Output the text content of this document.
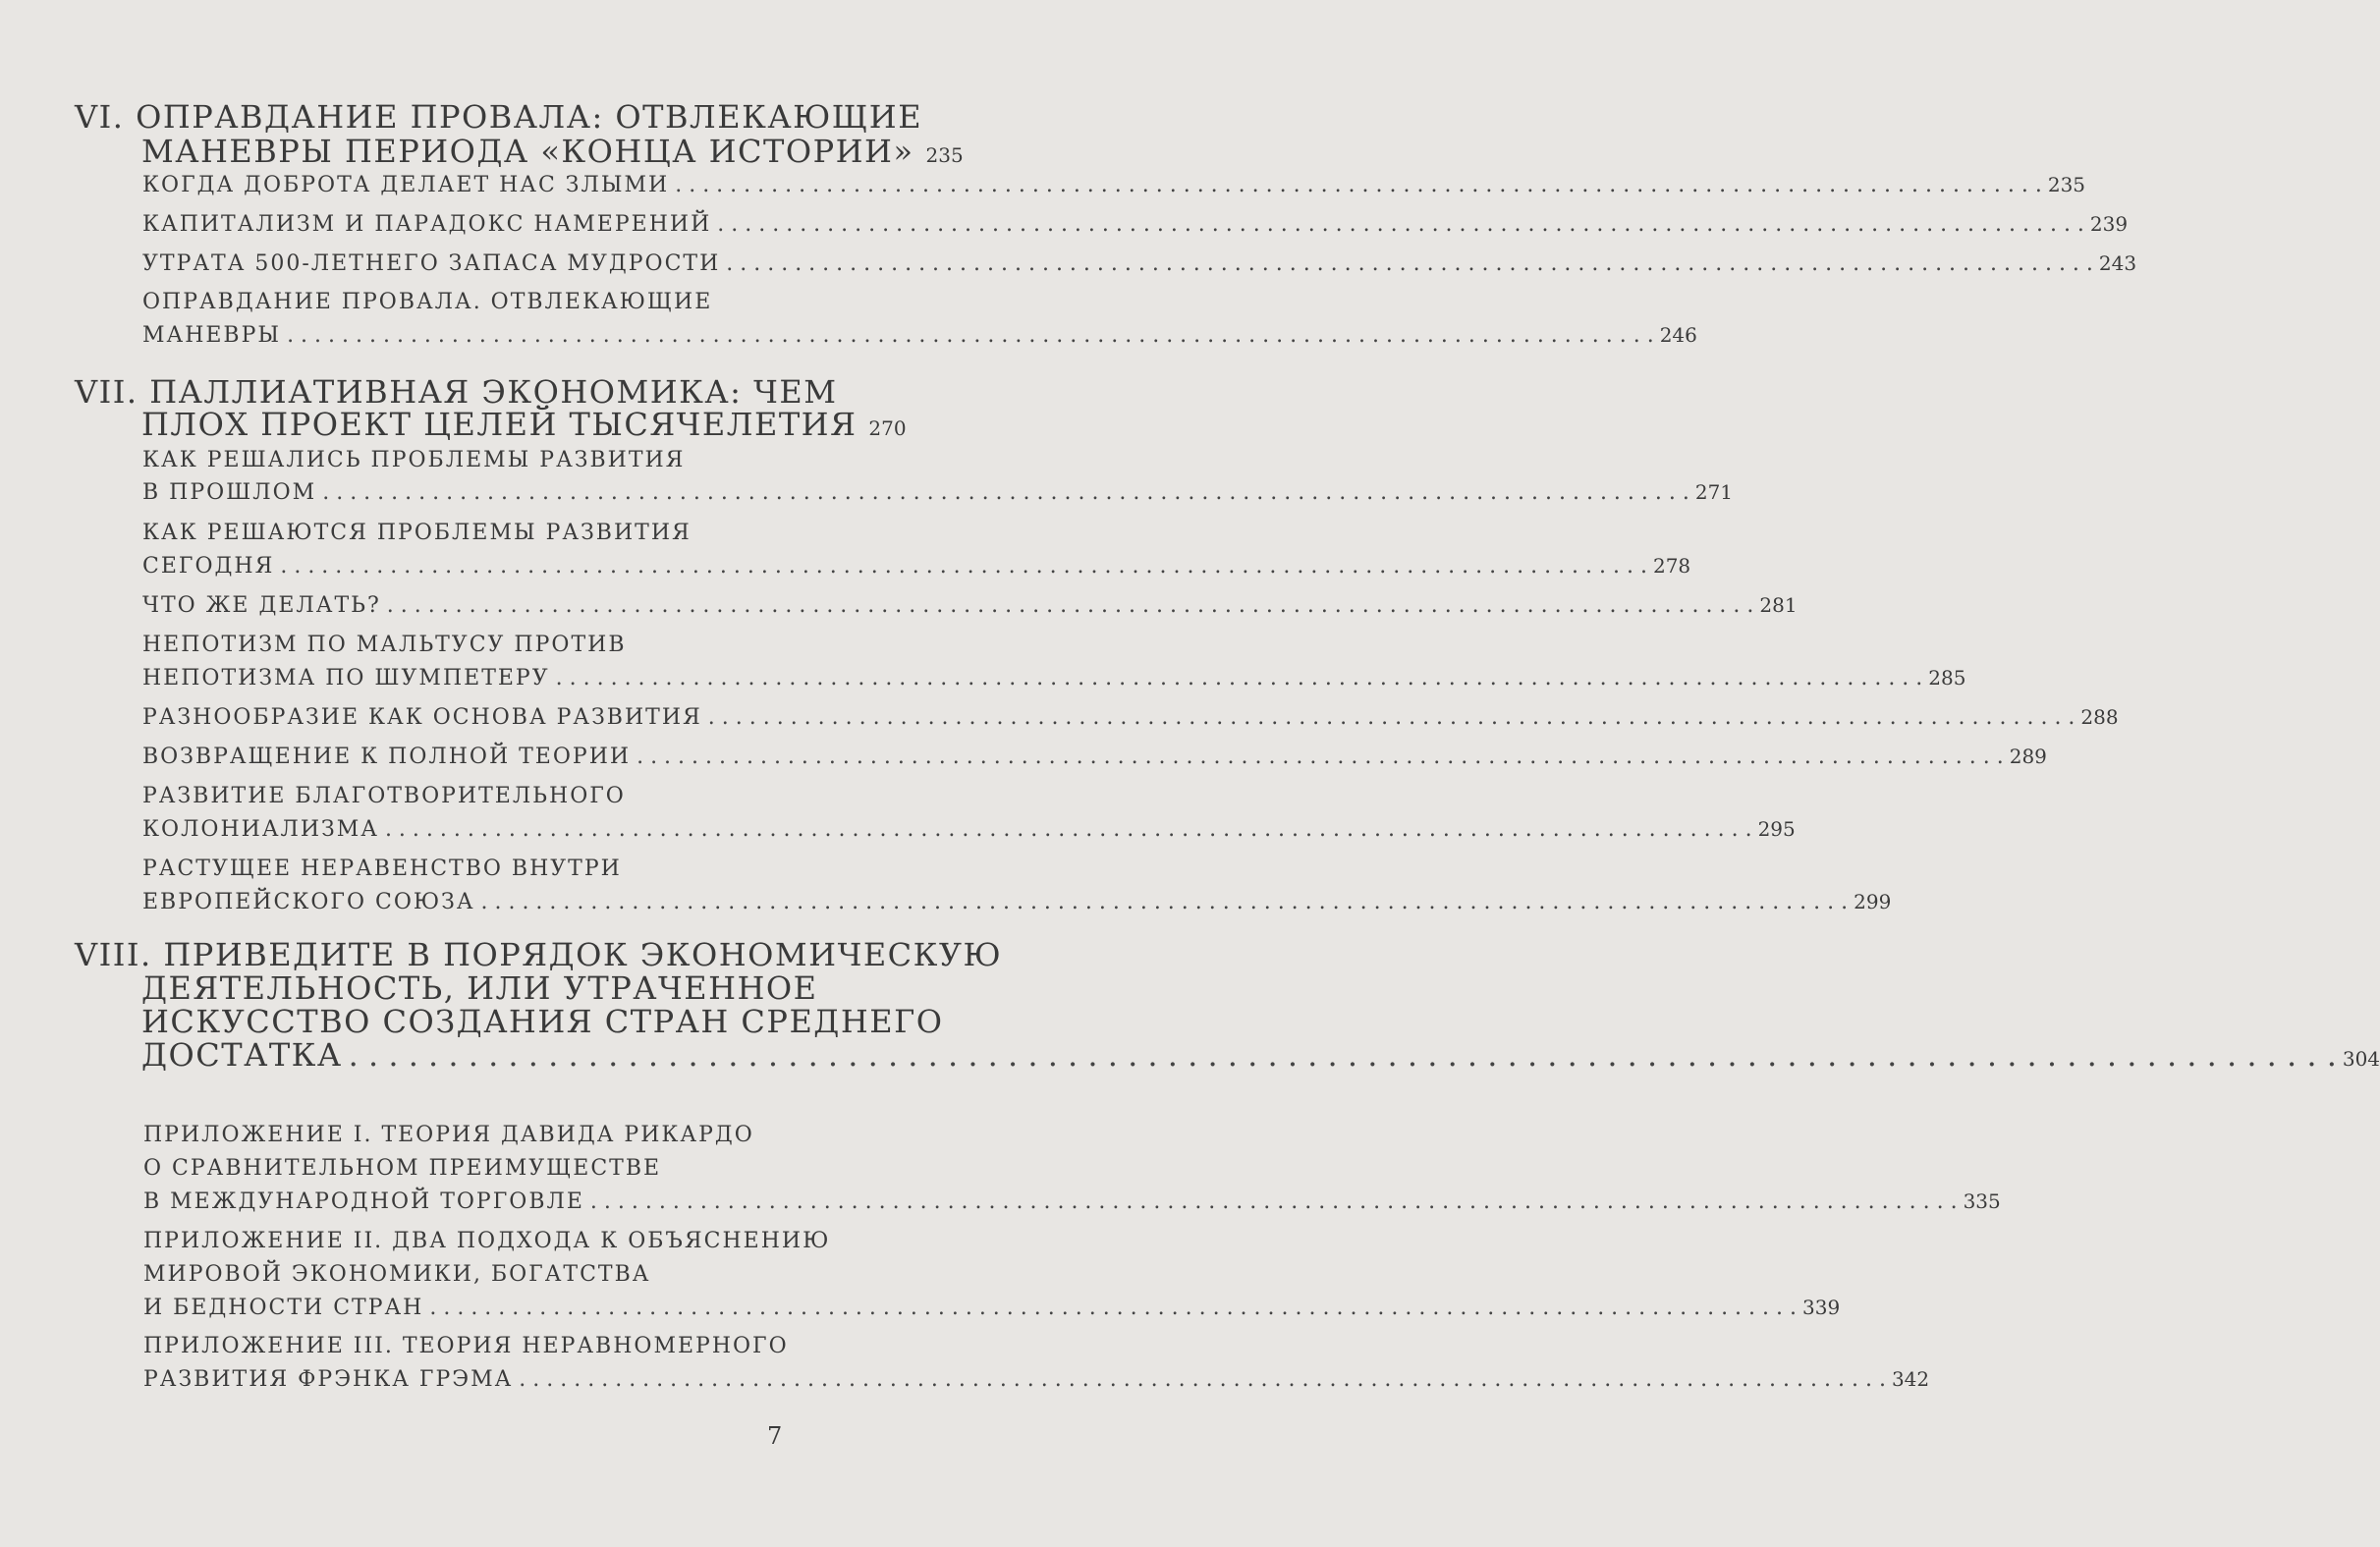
VI. ОПРАВДАНИЕ ПРОВАЛА: ОТВЛЕКАЮЩИЕ
МАНЕВРЫ ПЕРИОДА «КОНЦА ИСТОРИИ» 235
КОГДА ДОБРОТА ДЕЛАЕТ НАС ЗЛЫМИ . . .	235
КАПИТАЛИЗМ И ПАРАДОКС НАМЕРЕНИЙ . . .	239
УТРАТА 500-ЛЕТНЕГО ЗАПАСА МУДРОСТИ . . .	243
ОПРАВДАНИЕ ПРОВАЛА. ОТВЛЕКАЮЩИЕ
МАНЕВРЫ . . .	246
VII. ПАЛЛИАТИВНАЯ ЭКОНОМИКА: ЧЕМ
ПЛОХ ПРОЕКТ ЦЕЛЕЙ ТЫСЯЧЕЛЕТИЯ 270
КАК РЕШАЛИСЬ ПРОБЛЕМЫ РАЗВИТИЯ
В ПРОШЛОМ . . .	271
КАК РЕШАЮТСЯ ПРОБЛЕМЫ РАЗВИТИЯ
СЕГОДНЯ . . .	278
ЧТО ЖЕ ДЕЛАТЬ? . . .	281
НЕПОТИЗМ ПО МАЛЬТУСУ ПРОТИВ
НЕПОТИЗМА ПО ШУМПЕТЕРУ . . .	285
РАЗНООБРАЗИЕ КАК ОСНОВА РАЗВИТИЯ . . .	288
ВОЗВРАЩЕНИЕ К ПОЛНОЙ ТЕОРИИ . . .	289
РАЗВИТИЕ БЛАГОТВОРИТЕЛЬНОГО
КОЛОНИАЛИЗМА . . .	295
РАСТУЩЕЕ НЕРАВЕНСТВО ВНУТРИ
ЕВРОПЕЙСКОГО СОЮЗА . . .	299
VIII. ПРИВЕДИТЕ В ПОРЯДОК ЭКОНОМИЧЕСКУЮ
ДЕЯТЕЛЬНОСТЬ, ИЛИ УТРАЧЕННОЕ
ИСКУССТВО СОЗДАНИЯ СТРАН СРЕДНЕГО
ДОСТАТКА . . .	304
ПРИЛОЖЕНИЕ I. ТЕОРИЯ ДАВИДА РИКАРДО
О СРАВНИТЕЛЬНОМ ПРЕИМУЩЕСТВЕ
В МЕЖДУНАРОДНОЙ ТОРГОВЛЕ . . .	335
ПРИЛОЖЕНИЕ II. ДВА ПОДХОДА К ОБЪЯСНЕНИЮ
МИРОВОЙ ЭКОНОМИКИ, БОГАТСТВА
И БЕДНОСТИ СТРАН . . .	339
ПРИЛОЖЕНИЕ III. ТЕОРИЯ НЕРАВНОМЕРНОГО
РАЗВИТИЯ ФРЭНКА ГРЭМА . . .	342
7
